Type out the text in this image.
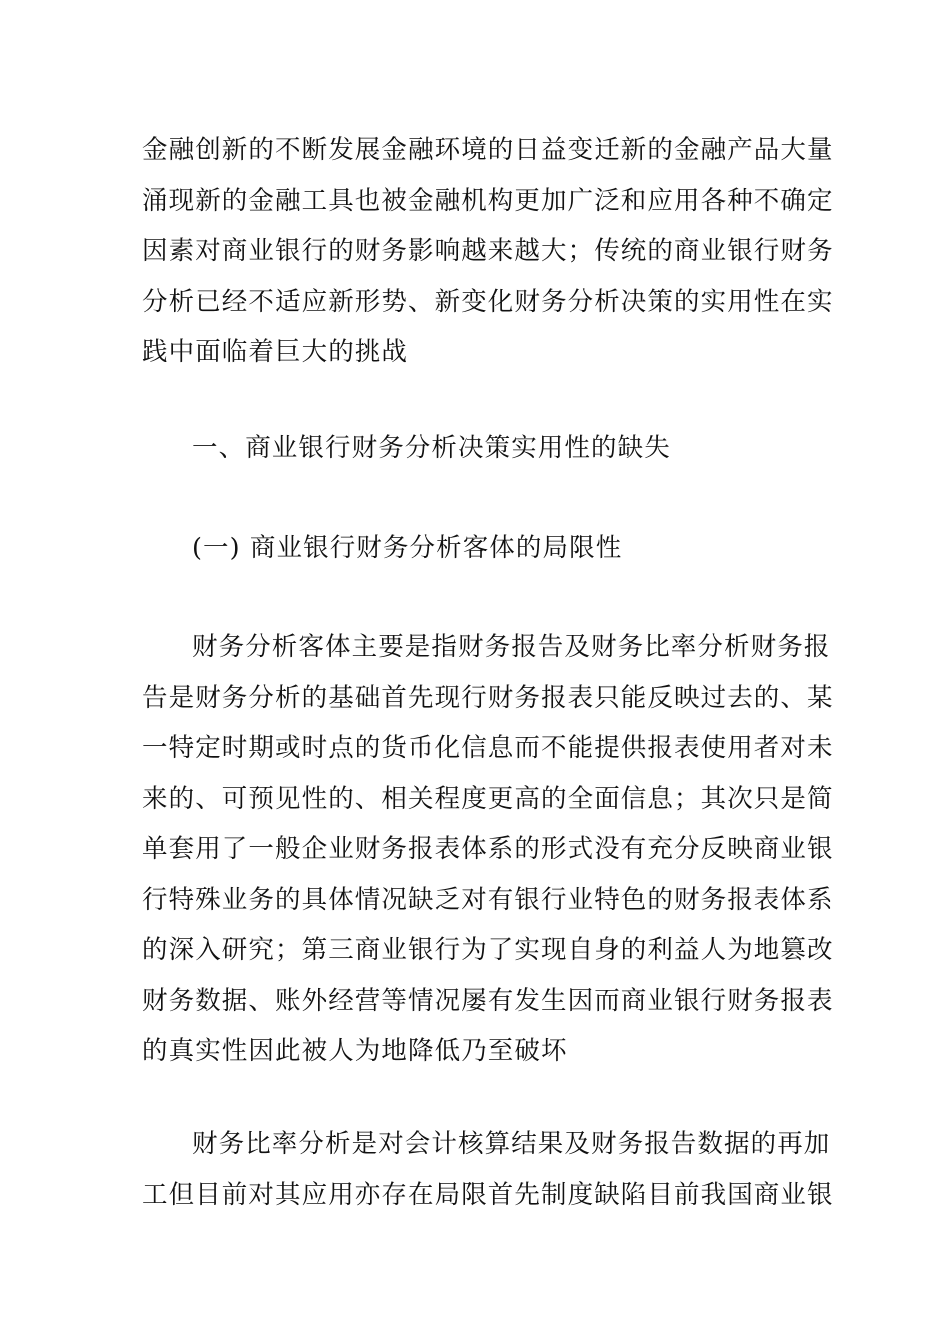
金融创新的不断发展金融环境的日益变迁新的金融产品大量
涌现新的金融工具也被金融机构更加广泛和应用各种不确定
因素对商业银行的财务影响越来越大；传统的商业银行财务
分析已经不适应新形势、新变化财务分析决策的实用性在实
践中面临着巨大的挑战
一、商业银行财务分析决策实用性的缺失
(一) 商业银行财务分析客体的局限性
财务分析客体主要是指财务报告及财务比率分析财务报
告是财务分析的基础首先现行财务报表只能反映过去的、某
一特定时期或时点的货币化信息而不能提供报表使用者对未
来的、可预见性的、相关程度更高的全面信息；其次只是简
单套用了一般企业财务报表体系的形式没有充分反映商业银
行特殊业务的具体情况缺乏对有银行业特色的财务报表体系
的深入研究；第三商业银行为了实现自身的利益人为地篡改
财务数据、账外经营等情况屡有发生因而商业银行财务报表
的真实性因此被人为地降低乃至破坏
财务比率分析是对会计核算结果及财务报告数据的再加
工但目前对其应用亦存在局限首先制度缺陷目前我国商业银
